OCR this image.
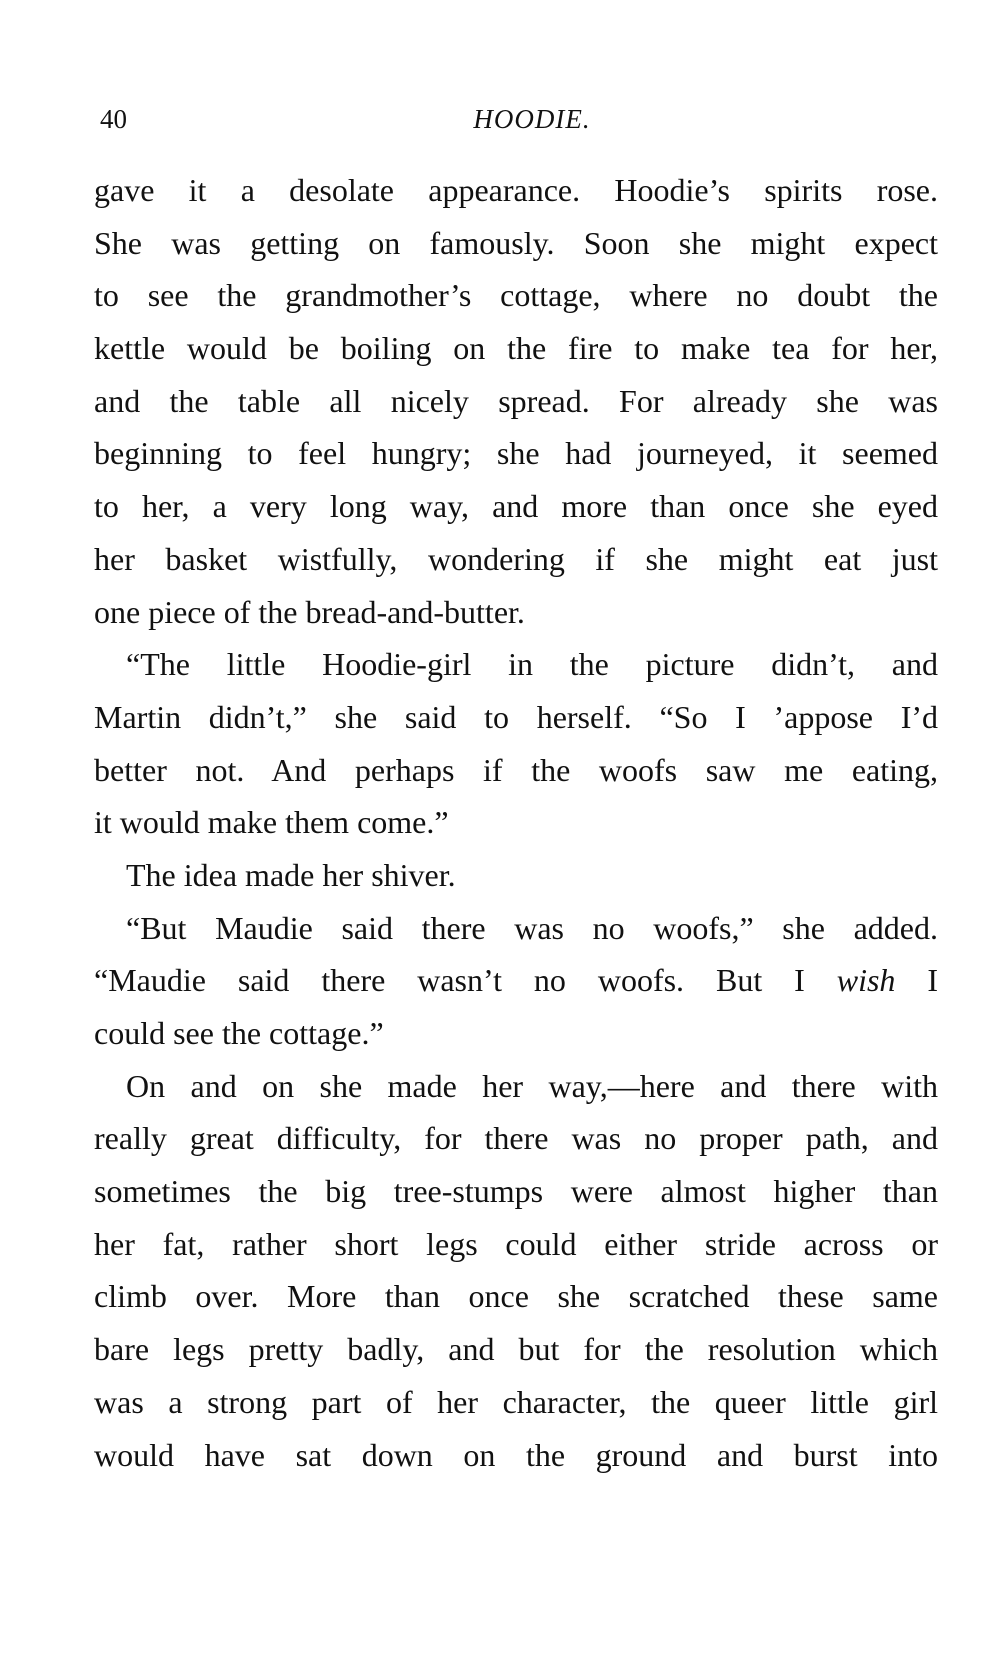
40	HOODIE.
gave it a desolate appearance. Hoodie’s spirits rose.
She was getting on famously. Soon she might expect
to see the grandmother’s cottage, where no doubt the
kettle would be boiling on the fire to make tea for her,
and the table all nicely spread. For already she was
beginning to feel hungry; she had journeyed, it seemed
to her, a very long way, and more than once she eyed
her basket wistfully, wondering if she might eat just
one piece of the bread-and-butter.
“The little Hoodie-girl in the picture didn’t, and
Martin didn’t,” she said to herself. “So I ’appose I’d
better not. And perhaps if the woofs saw me eating,
it would make them come.”
The idea made her shiver.
“But Maudie said there was no woofs,” she added.
“Maudie said there wasn’t no woofs. But I wish I
could see the cottage.”
On and on she made her way,—here and there with
really great difficulty, for there was no proper path, and
sometimes the big tree-stumps were almost higher than
her fat, rather short legs could either stride across or
climb over. More than once she scratched these same
bare legs pretty badly, and but for the resolution which
was a strong part of her character, the queer little girl
would have sat down on the ground and burst into
